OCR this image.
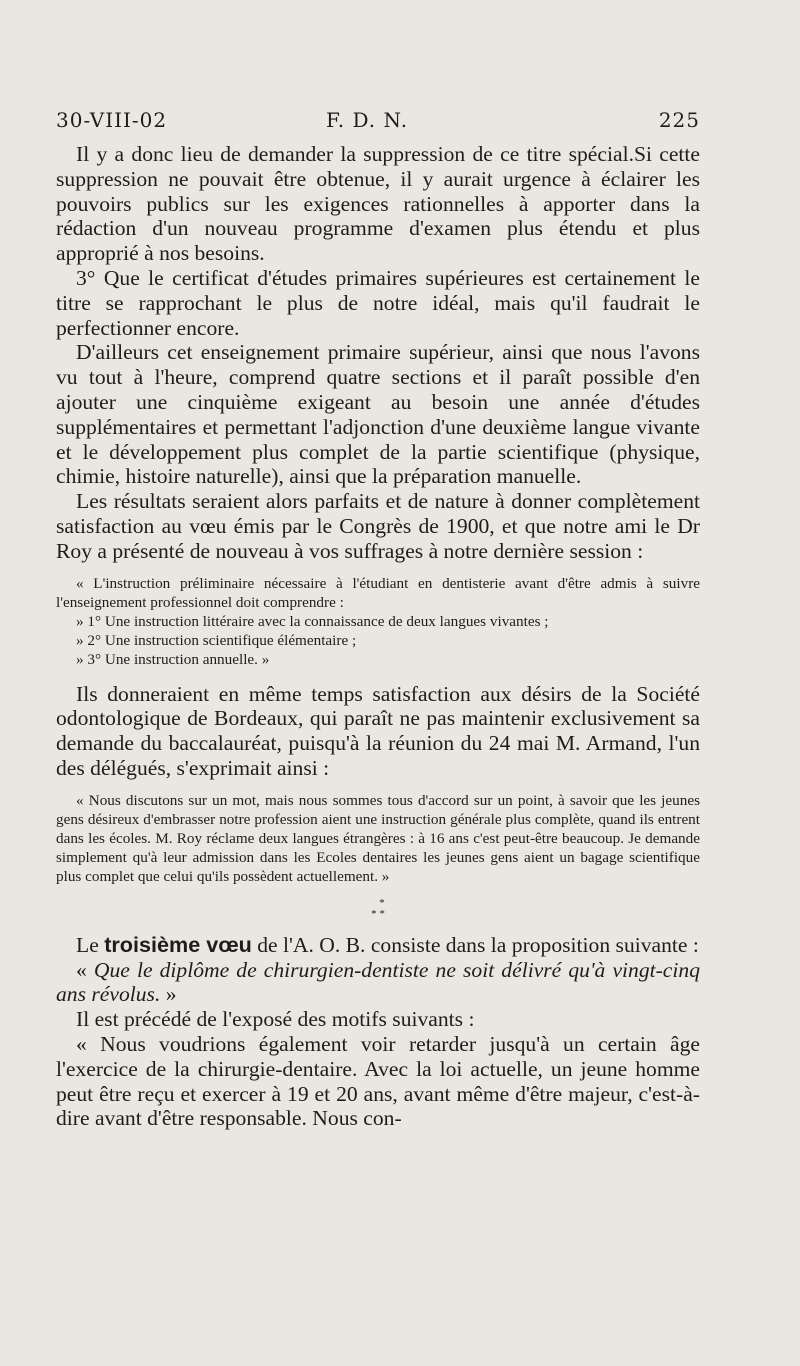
30-VIII-02	F. D. N.	225

Il y a donc lieu de demander la suppression de ce titre spécial.Si cette suppression ne pouvait être obtenue, il y aurait urgence à éclairer les pouvoirs publics sur les exigences rationnelles à apporter dans la rédaction d'un nouveau programme d'examen plus étendu et plus approprié à nos besoins.

3° Que le certificat d'études primaires supérieures est certainement le titre se rapprochant le plus de notre idéal, mais qu'il faudrait le perfectionner encore.

D'ailleurs cet enseignement primaire supérieur, ainsi que nous l'avons vu tout à l'heure, comprend quatre sections et il paraît possible d'en ajouter une cinquième exigeant au besoin une année d'études supplémentaires et permettant l'adjonction d'une deuxième langue vivante et le développement plus complet de la partie scientifique (physique, chimie, histoire naturelle), ainsi que la préparation manuelle.

Les résultats seraient alors parfaits et de nature à donner complètement satisfaction au vœu émis par le Congrès de 1900, et que notre ami le Dr Roy a présenté de nouveau à vos suffrages à notre dernière session :

« L'instruction préliminaire nécessaire à l'étudiant en dentisterie avant d'être admis à suivre l'enseignement professionnel doit comprendre :

» 1° Une instruction littéraire avec la connaissance de deux langues vivantes ;

» 2° Une instruction scientifique élémentaire ;

» 3° Une instruction annuelle. »

Ils donneraient en même temps satisfaction aux désirs de la Société odontologique de Bordeaux, qui paraît ne pas maintenir exclusivement sa demande du baccalauréat, puisqu'à la réunion du 24 mai M. Armand, l'un des délégués, s'exprimait ainsi :

« Nous discutons sur un mot, mais nous sommes tous d'accord sur un point, à savoir que les jeunes gens désireux d'embrasser notre profession aient une instruction générale plus complète, quand ils entrent dans les écoles. M. Roy réclame deux langues étrangères : à 16 ans c'est peut-être beaucoup. Je demande simplement qu'à leur admission dans les Ecoles dentaires les jeunes gens aient un bagage scientifique plus complet que celui qu'ils possèdent actuellement. »

*
* *

Le troisième vœu de l'A. O. B. consiste dans la proposition suivante :

« Que le diplôme de chirurgien-dentiste ne soit délivré qu'à vingt-cinq ans révolus. »

Il est précédé de l'exposé des motifs suivants :

« Nous voudrions également voir retarder jusqu'à un certain âge l'exercice de la chirurgie-dentaire. Avec la loi actuelle, un jeune homme peut être reçu et exercer à 19 et 20 ans, avant même d'être majeur, c'est-à-dire avant d'être responsable. Nous con-
